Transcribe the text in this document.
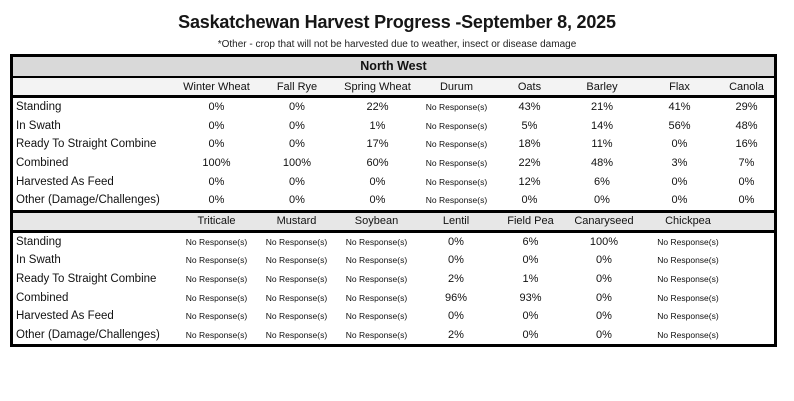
Saskatchewan Harvest Progress -September 8, 2025
*Other - crop that will not be harvested due to weather, insect or disease damage
North West
	Winter Wheat	Fall Rye	Spring Wheat	Durum	Oats	Barley	Flax	Canola
Standing	0%	0%	22%	No Response(s)	43%	21%	41%	29%
In Swath	0%	0%	1%	No Response(s)	5%	14%	56%	48%
Ready To Straight Combine	0%	0%	17%	No Response(s)	18%	11%	0%	16%
Combined	100%	100%	60%	No Response(s)	22%	48%	3%	7%
Harvested As Feed	0%	0%	0%	No Response(s)	12%	6%	0%	0%
Other (Damage/Challenges)	0%	0%	0%	No Response(s)	0%	0%	0%	0%
	Triticale	Mustard	Soybean	Lentil	Field Pea	Canaryseed	Chickpea	
Standing	No Response(s)	No Response(s)	No Response(s)	0%	6%	100%	No Response(s)	
In Swath	No Response(s)	No Response(s)	No Response(s)	0%	0%	0%	No Response(s)	
Ready To Straight Combine	No Response(s)	No Response(s)	No Response(s)	2%	1%	0%	No Response(s)	
Combined	No Response(s)	No Response(s)	No Response(s)	96%	93%	0%	No Response(s)	
Harvested As Feed	No Response(s)	No Response(s)	No Response(s)	0%	0%	0%	No Response(s)	
Other (Damage/Challenges)	No Response(s)	No Response(s)	No Response(s)	2%	0%	0%	No Response(s)	
